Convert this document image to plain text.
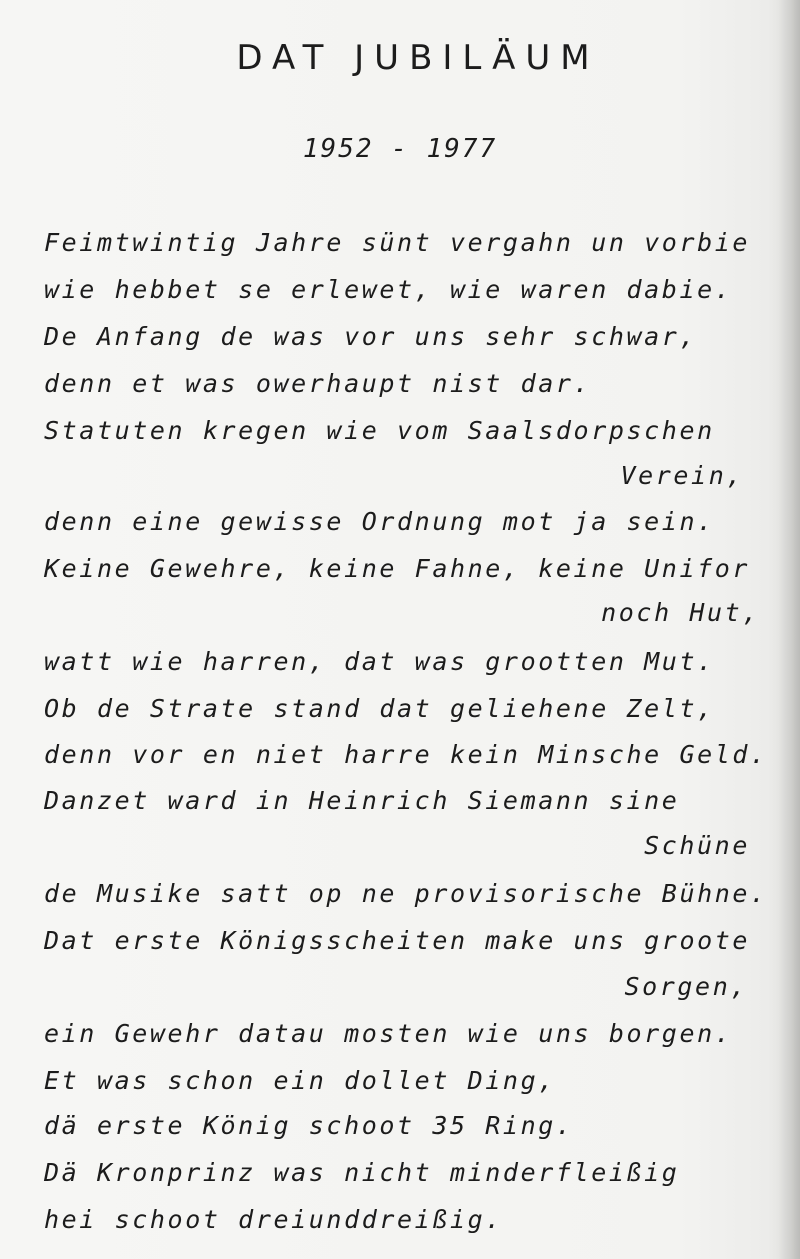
DAT JUBILÄUM

1952 - 1977

Feimtwintig Jahre sünt vergahn un vorbie
wie hebbet se erlewet, wie waren dabie.
De Anfang de was vor uns sehr schwar,
denn et was owerhaupt nist dar.
Statuten kregen wie vom Saalsdorpschen
Verein,
denn eine gewisse Ordnung mot ja sein.
Keine Gewehre, keine Fahne, keine Unifor
noch Hut,
watt wie harren, dat was grootten Mut.
Ob de Strate stand dat geliehene Zelt,
denn vor en niet harre kein Minsche Geld.
Danzet ward in Heinrich Siemann sine
Schüne
de Musike satt op ne provisorische Bühne.
Dat erste Königsscheiten make uns groote
Sorgen,
ein Gewehr datau mosten wie uns borgen.
Et was schon ein dollet Ding,
dä erste König schoot 35 Ring.
Dä Kronprinz was nicht minderfleißig
hei schoot dreiunddreißig.
